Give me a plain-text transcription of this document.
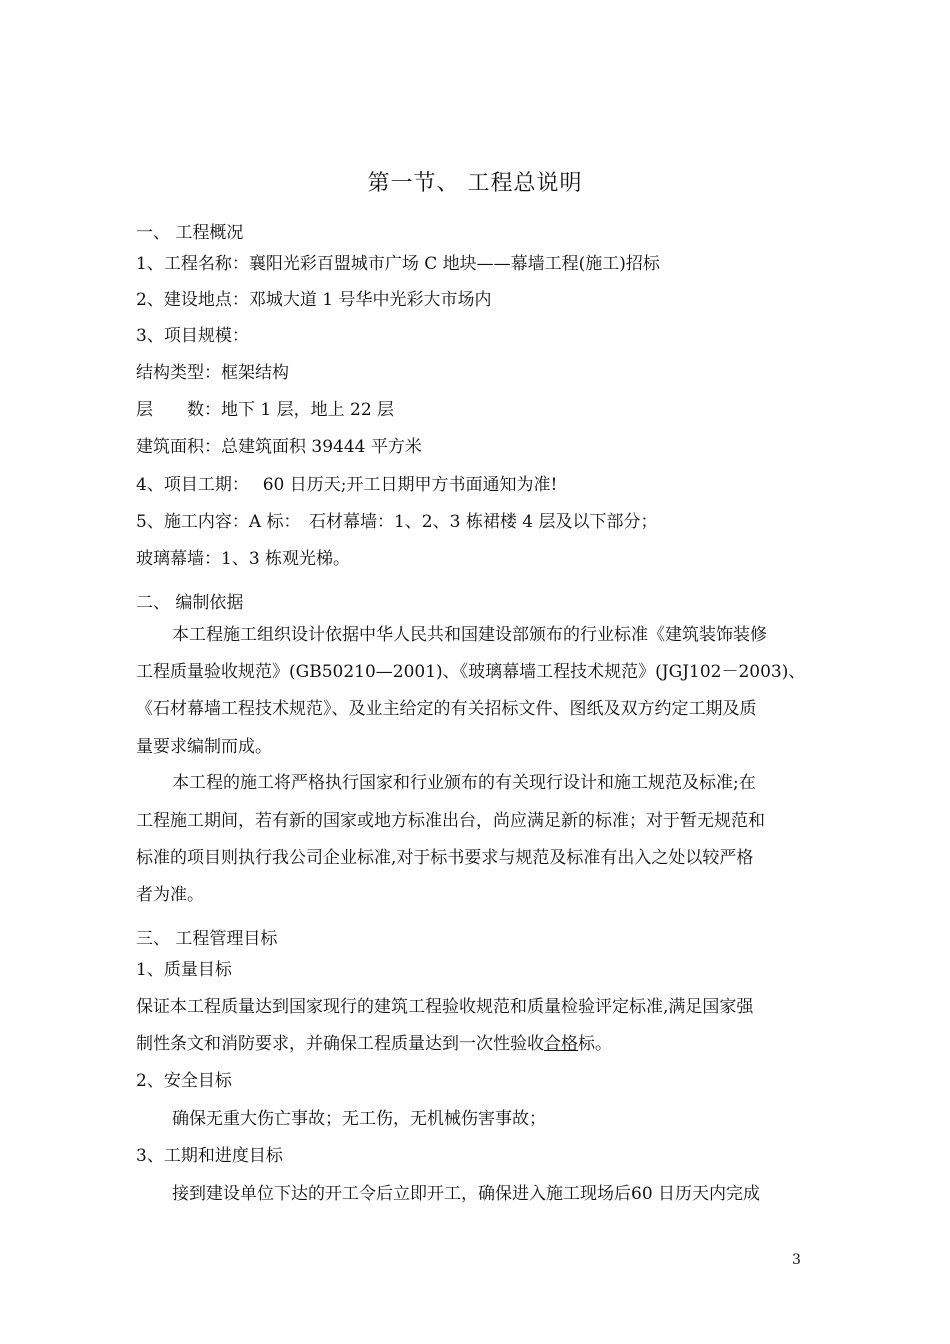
第一节、 工程总说明
一、 工程概况
1、工程名称：襄阳光彩百盟城市广场 C 地块——幕墙工程(施工)招标
2、建设地点：邓城大道 1 号华中光彩大市场内
3、项目规模：
结构类型：框架结构
层　　数：地下 1 层，地上 22 层
建筑面积：总建筑面积 39444 平方米
4、项目工期：　 60 日历天;开工日期甲方书面通知为准!
5、施工内容：A 标：　石材幕墙：1、2、3 栋裙楼 4 层及以下部分；
玻璃幕墙：1、3 栋观光梯。
二、 编制依据
本工程施工组织设计依据中华人民共和国建设部颁布的行业标准《建筑装饰装修
工程质量验收规范》(GB50210—2001)、《玻璃幕墙工程技术规范》(JGJ102－2003)、
《石材幕墙工程技术规范》、及业主给定的有关招标文件、图纸及双方约定工期及质
量要求编制而成。
本工程的施工将严格执行国家和行业颁布的有关现行设计和施工规范及标准;在
工程施工期间，若有新的国家或地方标准出台，尚应满足新的标准；对于暂无规范和
标准的项目则执行我公司企业标准,对于标书要求与规范及标准有出入之处以较严格
者为准。
三、 工程管理目标
1、质量目标
保证本工程质量达到国家现行的建筑工程验收规范和质量检验评定标准,满足国家强
制性条文和消防要求，并确保工程质量达到一次性验收合格标。
2、安全目标
确保无重大伤亡事故；无工伤，无机械伤害事故；
3、工期和进度目标
接到建设单位下达的开工令后立即开工，确保进入施工现场后60 日历天内完成
3
